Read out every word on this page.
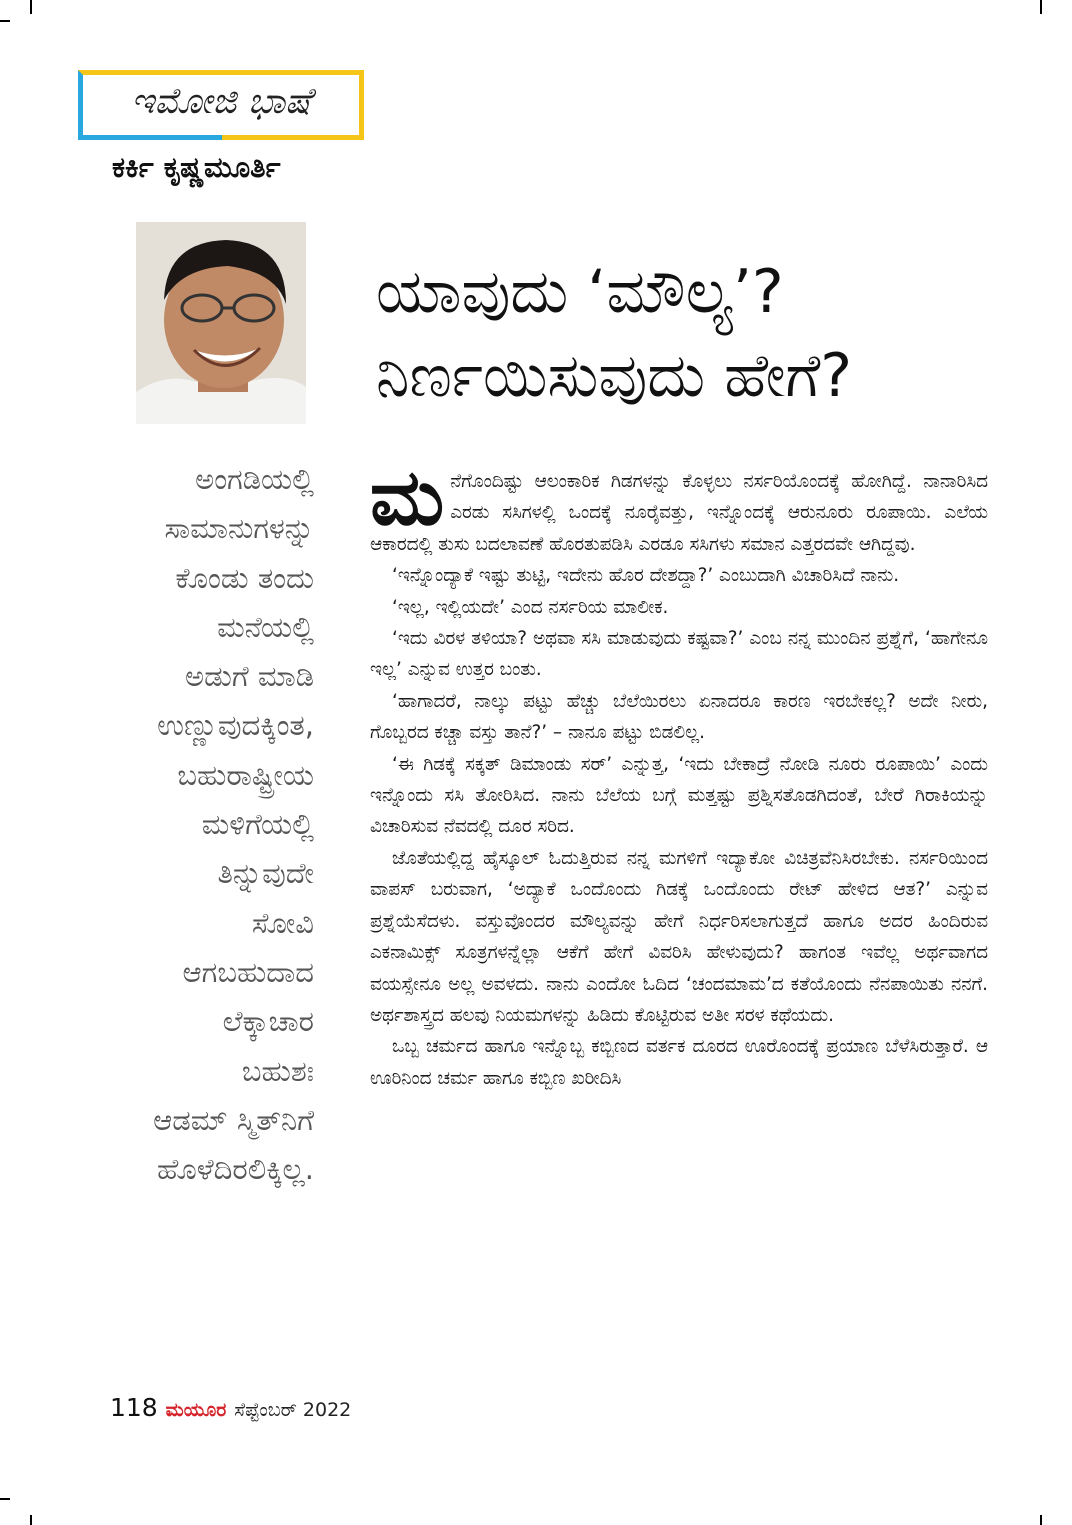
ಇಮೋಜಿ ಭಾಷೆ
ಕರ್ಕಿ ಕೃಷ್ಣಮೂರ್ತಿ
ಯಾವುದು ‘ಮೌಲ್ಯ’?
ನಿರ್ಣಯಿಸುವುದು ಹೇಗೆ?
ಅಂಗಡಿಯಲ್ಲಿ
ಸಾಮಾನುಗಳನ್ನು
ಕೊಂಡು ತಂದು
ಮನೆಯಲ್ಲಿ
ಅಡುಗೆ ಮಾಡಿ
ಉಣ್ಣುವುದಕ್ಕಿಂತ,
ಬಹುರಾಷ್ಟ್ರೀಯ
ಮಳಿಗೆಯಲ್ಲಿ
ತಿನ್ನುವುದೇ
ಸೋವಿ
ಆಗಬಹುದಾದ
ಲೆಕ್ಕಾಚಾರ
ಬಹುಶಃ
ಆಡಮ್ ಸ್ಮಿತ್‌ನಿಗೆ
ಹೊಳೆದಿರಲಿಕ್ಕಿಲ್ಲ.

ಮನೆಗೊಂದಿಷ್ಟು ಆಲಂಕಾರಿಕ ಗಿಡಗಳನ್ನು ಕೊಳ್ಳಲು ನರ್ಸರಿಯೊಂದಕ್ಕೆ ಹೋಗಿದ್ದೆ. ನಾನಾರಿಸಿದ ಎರಡು ಸಸಿಗಳಲ್ಲಿ ಒಂದಕ್ಕೆ ನೂರೈವತ್ತು, ಇನ್ನೊಂದಕ್ಕೆ ಆರುನೂರು ರೂಪಾಯಿ. ಎಲೆಯ ಆಕಾರದಲ್ಲಿ ತುಸು ಬದಲಾವಣೆ ಹೊರತುಪಡಿಸಿ ಎರಡೂ ಸಸಿಗಳು ಸಮಾನ ಎತ್ತರದವೇ ಆಗಿದ್ದವು.

‘ಇನ್ನೊಂದ್ಯಾಕೆ ಇಷ್ಟು ತುಟ್ಟಿ, ಇದೇನು ಹೊರ ದೇಶದ್ದಾ?’ ಎಂಬುದಾಗಿ ವಿಚಾರಿಸಿದೆ ನಾನು.

‘ಇಲ್ಲ, ಇಲ್ಲಿಯದೇ’ ಎಂದ ನರ್ಸರಿಯ ಮಾಲೀಕ.

‘ಇದು ವಿರಳ ತಳಿಯಾ? ಅಥವಾ ಸಸಿ ಮಾಡುವುದು ಕಷ್ಟವಾ?’ ಎಂಬ ನನ್ನ ಮುಂದಿನ ಪ್ರಶ್ನೆಗೆ, ‘ಹಾಗೇನೂ ಇಲ್ಲ’ ಎನ್ನುವ ಉತ್ತರ ಬಂತು.

‘ಹಾಗಾದರೆ, ನಾಲ್ಕು ಪಟ್ಟು ಹೆಚ್ಚು ಬೆಲೆಯಿರಲು ಏನಾದರೂ ಕಾರಣ ಇರಬೇಕಲ್ಲ? ಅದೇ ನೀರು, ಗೊಬ್ಬರದ ಕಚ್ಚಾ ವಸ್ತು ತಾನೆ?’ – ನಾನೂ ಪಟ್ಟು ಬಿಡಲಿಲ್ಲ.

‘ಈ ಗಿಡಕ್ಕೆ ಸಕ್ಕತ್ ಡಿಮಾಂಡು ಸರ್’ ಎನ್ನುತ್ತ, ‘ಇದು ಬೇಕಾದ್ರೆ ನೋಡಿ ನೂರು ರೂಪಾಯಿ’ ಎಂದು ಇನ್ನೊಂದು ಸಸಿ ತೋರಿಸಿದ. ನಾನು ಬೆಲೆಯ ಬಗ್ಗೆ ಮತ್ತಷ್ಟು ಪ್ರಶ್ನಿಸತೊಡಗಿದಂತೆ, ಬೇರೆ ಗಿರಾಕಿಯನ್ನು ವಿಚಾರಿಸುವ ನೆವದಲ್ಲಿ ದೂರ ಸರಿದ.

ಜೊತೆಯಲ್ಲಿದ್ದ ಹೈಸ್ಕೂಲ್ ಓದುತ್ತಿರುವ ನನ್ನ ಮಗಳಿಗೆ ಇದ್ಯಾಕೋ ವಿಚಿತ್ರವೆನಿಸಿರಬೇಕು. ನರ್ಸರಿಯಿಂದ ವಾಪಸ್ ಬರುವಾಗ, ‘ಅದ್ಯಾಕೆ ಒಂದೊಂದು ಗಿಡಕ್ಕೆ ಒಂದೊಂದು ರೇಟ್ ಹೇಳಿದ ಆತ?’ ಎನ್ನುವ ಪ್ರಶ್ನೆಯೆಸೆದಳು. ವಸ್ತುವೊಂದರ ಮೌಲ್ಯವನ್ನು ಹೇಗೆ ನಿರ್ಧರಿಸಲಾಗುತ್ತದೆ ಹಾಗೂ ಅದರ ಹಿಂದಿರುವ ಎಕನಾಮಿಕ್ಸ್ ಸೂತ್ರಗಳನ್ನೆಲ್ಲಾ ಆಕೆಗೆ ಹೇಗೆ ವಿವರಿಸಿ ಹೇಳುವುದು? ಹಾಗಂತ ಇವೆಲ್ಲ ಅರ್ಥವಾಗದ ವಯಸ್ಸೇನೂ ಅಲ್ಲ ಅವಳದು. ನಾನು ಎಂದೋ ಓದಿದ ‘ಚಂದಮಾಮ’ದ ಕತೆಯೊಂದು ನೆನಪಾಯಿತು ನನಗೆ. ಅರ್ಥಶಾಸ್ತ್ರದ ಹಲವು ನಿಯಮಗಳನ್ನು ಹಿಡಿದು ಕೊಟ್ಟಿರುವ ಅತೀ ಸರಳ ಕಥೆಯದು.

ಒಬ್ಬ ಚರ್ಮದ ಹಾಗೂ ಇನ್ನೊಬ್ಬ ಕಬ್ಬಿಣದ ವರ್ತಕ ದೂರದ ಊರೊಂದಕ್ಕೆ ಪ್ರಯಾಣ ಬೆಳೆಸಿರುತ್ತಾರೆ. ಆ ಊರಿನಿಂದ ಚರ್ಮ ಹಾಗೂ ಕಬ್ಬಿಣ ಖರೀದಿಸಿ

118 ಮಯೂರ ಸೆಪ್ಟೆಂಬರ್ 2022
